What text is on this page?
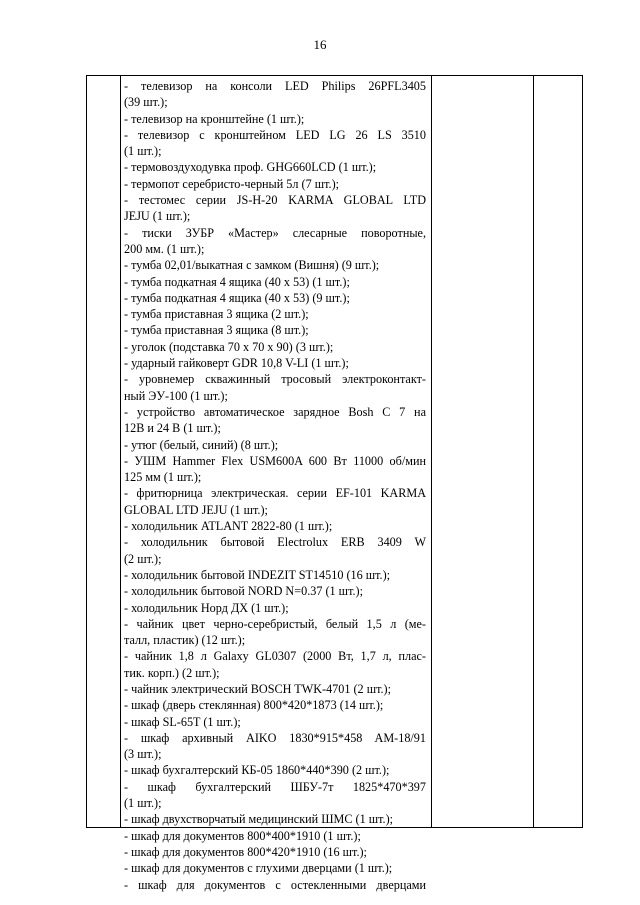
16
- телевизор на консоли LED Philips 26PFL3405
(39 шт.);
- телевизор на кронштейне (1 шт.);
- телевизор с кронштейном LED LG 26 LS 3510
(1 шт.);
- термовоздуходувка проф. GHG660LCD (1 шт.);
- термопот серебристо-черный 5л (7 шт.);
- тестомес серии JS-H-20 KARMA GLOBAL LTD
JEJU (1 шт.);
- тиски ЗУБР «Мастер» слесарные поворотные,
200 мм. (1 шт.);
- тумба 02,01/выкатная с замком (Вишня) (9 шт.);
- тумба подкатная 4 ящика (40 х 53) (1 шт.);
- тумба подкатная 4 ящика (40 х 53) (9 шт.);
- тумба приставная 3 ящика (2 шт.);
- тумба приставная 3 ящика (8 шт.);
- уголок (подставка 70 х 70 х 90) (3 шт.);
- ударный гайковерт GDR 10,8 V-LI (1 шт.);
- уровнемер скважинный тросовый электроконтакт-
ный ЭУ-100 (1 шт.);
- устройство автоматическое зарядное Bosh C 7 на
12В и 24 В (1 шт.);
- утюг (белый, синий) (8 шт.);
- УШМ Hammer Flex USM600A 600 Вт 11000 об/мин
125 мм (1 шт.);
- фритюрница электрическая. серии EF-101 KARMA
GLOBAL LTD JEJU (1 шт.);
- холодильник ATLANT 2822-80 (1 шт.);
- холодильник бытовой Electrolux ERB 3409 W
(2 шт.);
- холодильник бытовой INDEZIT ST14510 (16 шт.);
- холодильник бытовой NORD N=0.37 (1 шт.);
- холодильник Норд ДХ (1 шт.);
- чайник цвет черно-серебристый, белый 1,5 л (ме-
талл, пластик) (12 шт.);
- чайник 1,8 л Galaxy GL0307 (2000 Вт, 1,7 л, плас-
тик. корп.) (2 шт.);
- чайник электрический BOSCH TWK-4701 (2 шт.);
- шкаф (дверь стеклянная) 800*420*1873 (14 шт.);
- шкаф SL-65T (1 шт.);
- шкаф архивный AIKO 1830*915*458 AM-18/91
(3 шт.);
- шкаф бухгалтерский КБ-05 1860*440*390 (2 шт.);
- шкаф бухгалтерский ШБУ-7т 1825*470*397
(1 шт.);
- шкаф двухстворчатый медицинский ШМС (1 шт.);
- шкаф для документов 800*400*1910 (1 шт.);
- шкаф для документов 800*420*1910 (16 шт.);
- шкаф для документов с глухими дверцами (1 шт.);
- шкаф для документов с остекленными дверцами
